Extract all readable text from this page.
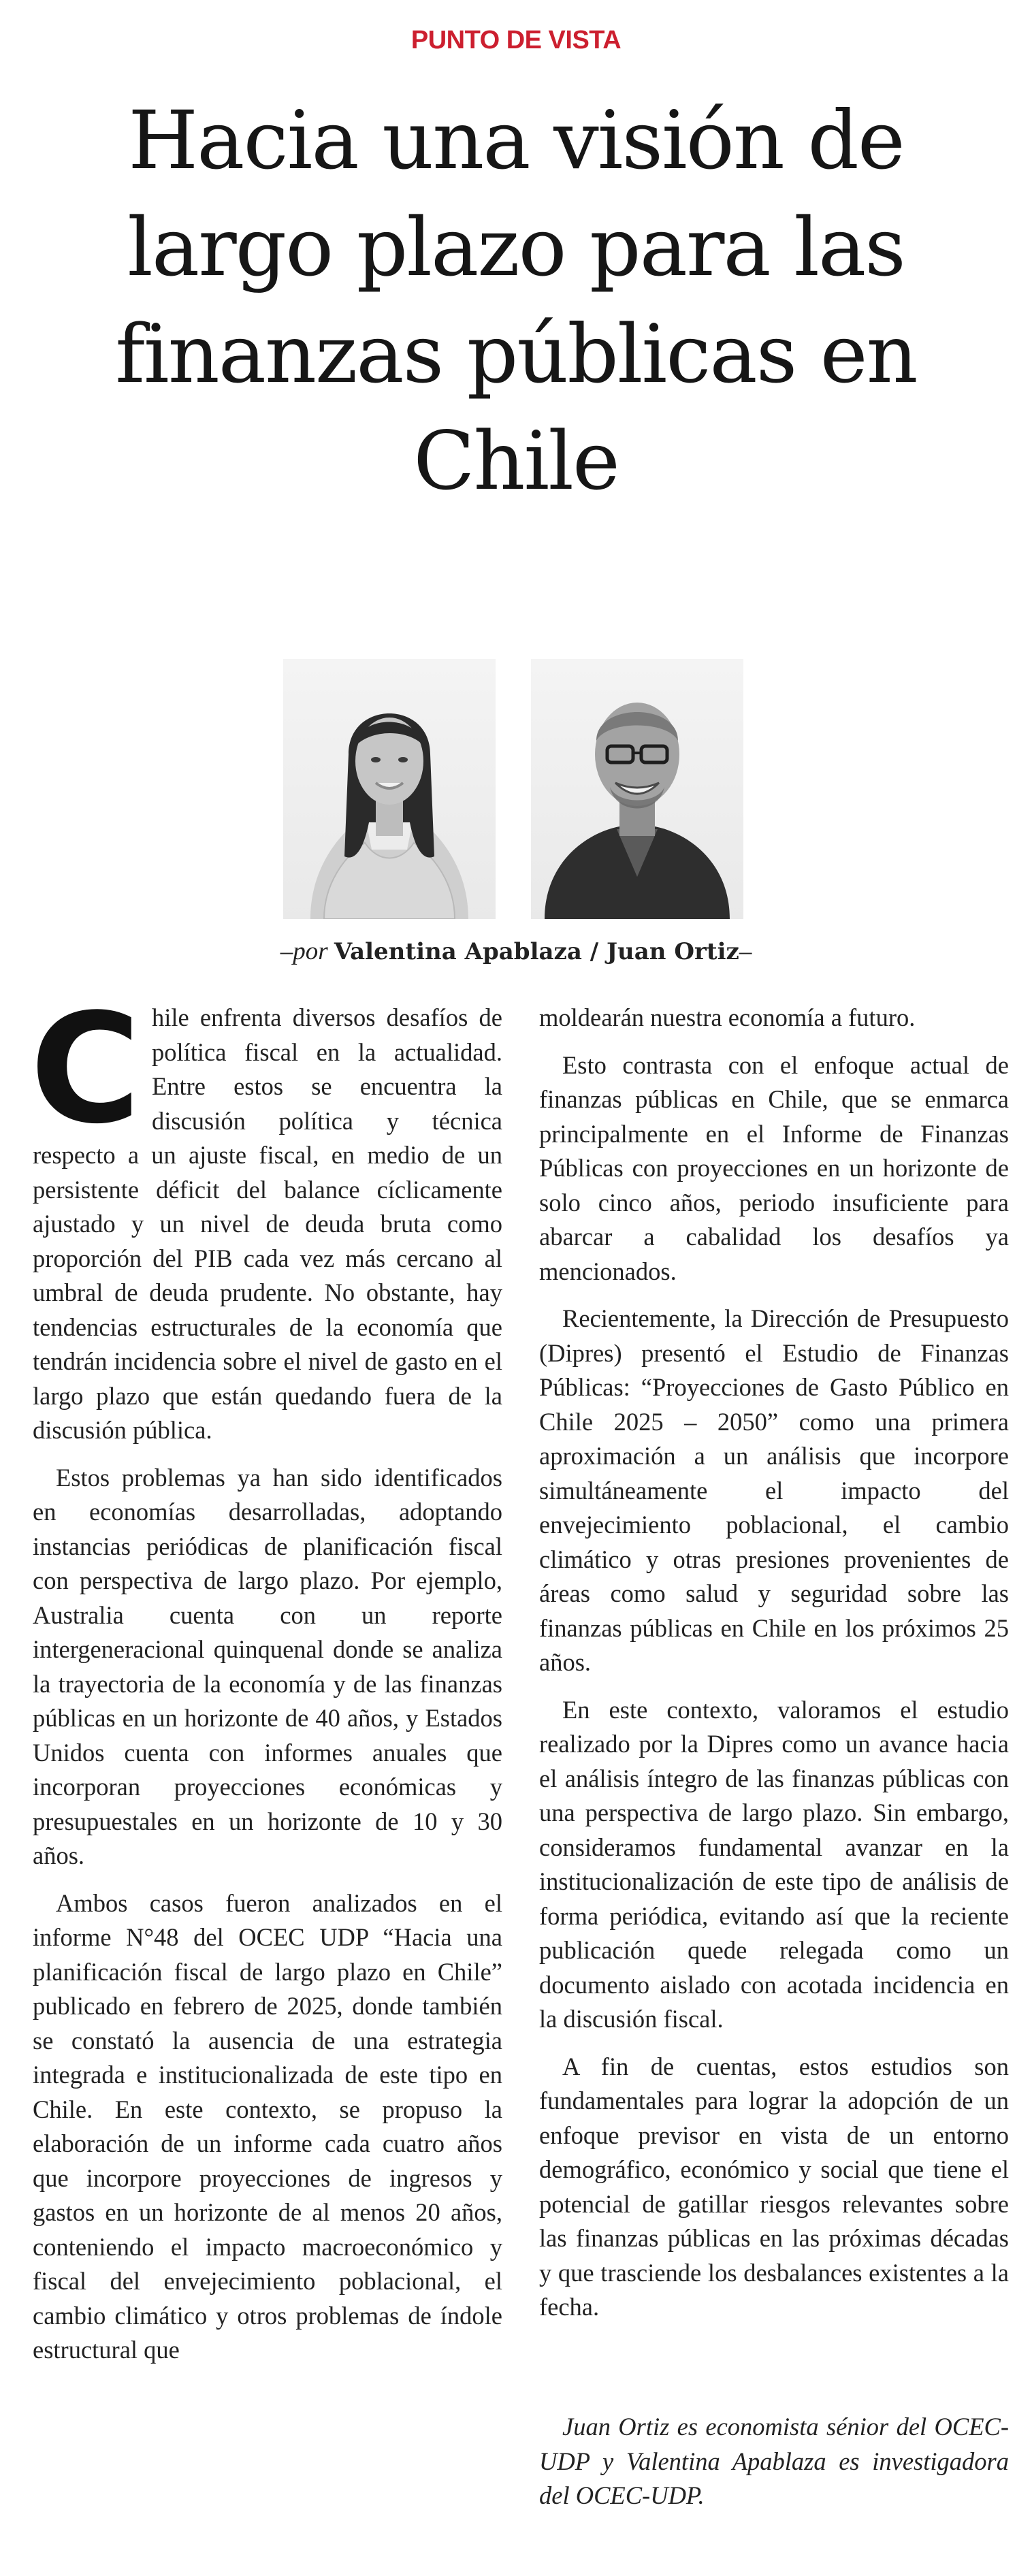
PUNTO DE VISTA
Hacia una visión de largo plazo para las finanzas públicas en Chile
–por Valentina Apablaza / Juan Ortiz–

Chile enfrenta diversos desafíos de política fiscal en la actualidad. Entre estos se encuentra la discusión política y técnica respecto a un ajuste fiscal, en medio de un persistente déficit del balance cíclicamente ajustado y un nivel de deuda bruta como proporción del PIB cada vez más cercano al umbral de deuda prudente. No obstante, hay tendencias estructurales de la economía que tendrán incidencia sobre el nivel de gasto en el largo plazo que están quedando fuera de la discusión pública.

Estos problemas ya han sido identificados en economías desarrolladas, adoptando instancias periódicas de planificación fiscal con perspectiva de largo plazo. Por ejemplo, Australia cuenta con un reporte intergeneracional quinquenal donde se analiza la trayectoria de la economía y de las finanzas públicas en un horizonte de 40 años, y Estados Unidos cuenta con informes anuales que incorporan proyecciones económicas y presupuestales en un horizonte de 10 y 30 años.

Ambos casos fueron analizados en el informe N°48 del OCEC UDP “Hacia una planificación fiscal de largo plazo en Chile” publicado en febrero de 2025, donde también se constató la ausencia de una estrategia integrada e institucionalizada de este tipo en Chile. En este contexto, se propuso la elaboración de un informe cada cuatro años que incorpore proyecciones de ingresos y gastos en un horizonte de al menos 20 años, conteniendo el impacto macroeconómico y fiscal del envejecimiento poblacional, el cambio climático y otros problemas de índole estructural que

moldearán nuestra economía a futuro.

Esto contrasta con el enfoque actual de finanzas públicas en Chile, que se enmarca principalmente en el Informe de Finanzas Públicas con proyecciones en un horizonte de solo cinco años, periodo insuficiente para abarcar a cabalidad los desafíos ya mencionados.

Recientemente, la Dirección de Presupuesto (Dipres) presentó el Estudio de Finanzas Públicas: “Proyecciones de Gasto Público en Chile 2025 – 2050” como una primera aproximación a un análisis que incorpore simultáneamente el impacto del envejecimiento poblacional, el cambio climático y otras presiones provenientes de áreas como salud y seguridad sobre las finanzas públicas en Chile en los próximos 25 años.

En este contexto, valoramos el estudio realizado por la Dipres como un avance hacia el análisis íntegro de las finanzas públicas con una perspectiva de largo plazo. Sin embargo, consideramos fundamental avanzar en la institucionalización de este tipo de análisis de forma periódica, evitando así que la reciente publicación quede relegada como un documento aislado con acotada incidencia en la discusión fiscal.

A fin de cuentas, estos estudios son fundamentales para lograr la adopción de un enfoque previsor en vista de un entorno demográfico, económico y social que tiene el potencial de gatillar riesgos relevantes sobre las finanzas públicas en las próximas décadas y que trasciende los desbalances existentes a la fecha.

Juan Ortiz es economista sénior del OCEC-UDP y Valentina Apablaza es investigadora del OCEC-UDP.
